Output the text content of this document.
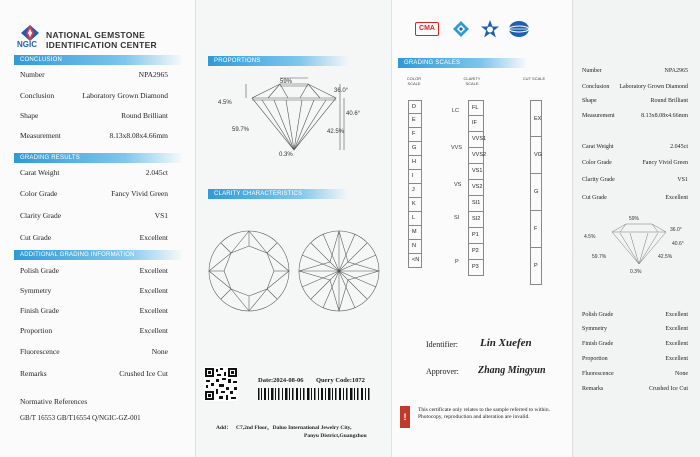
NGIC
NATIONAL GEMSTONE
IDENTIFICATION CENTER
CONCLUSION
Number	NPA2965
Conclusion	Laboratory Grown Diamond
Shape	Round Brilliant
Measurement	8.13x8.08x4.66mm
GRADING RESULTS
Carat Weight	2.045ct
Color Grade	Fancy Vivid Green
Clarity Grade	VS1
Cut Grade	Excellent
ADDITIONAL GRADING INFORMATION
Polish Grade	Excellent
Symmetry	Excellent
Finish Grade	Excellent
Proportion	Excellent
Fluorescence	None
Remarks	Crushed Ice Cut
Normative References
GB/T 16553 GB/T16554 Q/NGIC-GZ-001
PROPORTIONS
59%
36.0°
4.5%
40.6°
59.7%	42.5%
0.3%
CLARITY CHARACTERISTICS
Date:2024-08-06 Query Code:1072
Add： C7,2nd Floor，Daluo International Jewelry City,
Panyu District,Guangzhou
CMA
GRADING SCALES
COLOR SCALE
CLARITY SCALE
CUT SCALE
D
E
F
G
H
I
J
K
L
M
N
<N
LC
VVS
VS
SI
P
FL
IF
VVS1
VVS2
VS1
VS2
SI1
SI2
P1
P2
P3
EX
VG
G
F
P
Identifier: Lin Xuefen
Approver: Zhang Mingyun
!
This certificate only relates to the sample referred to within. Photocopy, reproduction and alteration are invalid.
Number	NPA2965
Conclusion Laboratory Grown Diamond
Shape	Round Brilliant
Measurement	8.13x8.08x4.66mm
Carat Weight	2.045ct
Color Grade	Fancy Vivid Green
Clarity Grade	VS1
Cut Grade	Excellent
59%
36.0°
4.5%
40.6°
59.7%	42.5%
0.3%
Polish Grade	Excellent
Symmetry	Excellent
Finish Grade	Excellent
Proportion	Excellent
Fluorescence	None
Remarks	Crushed Ice Cut
